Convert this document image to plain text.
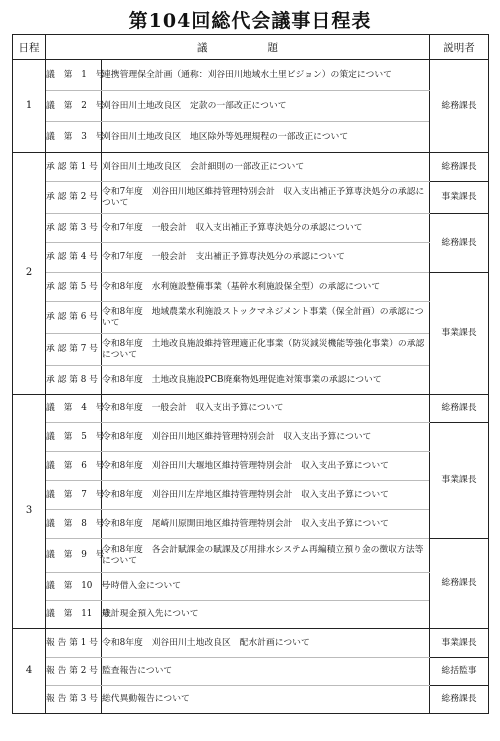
第104回総代会議事日程表
日程	議 題		説明者
1	議　第　1　号	連携管理保全計画（通称：刈谷田川地域水土里ビジョン）の策定について	総務課長
	議　第　2　号	刈谷田川土地改良区　定款の一部改正について	
	議　第　3　号	刈谷田川土地改良区　地区除外等処理規程の一部改正について	
2	承 認 第 1 号	刈谷田川土地改良区　会計細則の一部改正について	総務課長
	承 認 第 2 号	令和7年度　刈谷田川地区維持管理特別会計　収入支出補正予算専決処分の承認について	事業課長
	承 認 第 3 号	令和7年度　一般会計　収入支出補正予算専決処分の承認について	総務課長
	承 認 第 4 号	令和7年度　一般会計　支出補正予算専決処分の承認について	
	承 認 第 5 号	令和8年度　水利施設整備事業（基幹水利施設保全型）の承認について	事業課長
	承 認 第 6 号	令和8年度　地域農業水利施設ストックマネジメント事業（保全計画）の承認について	
	承 認 第 7 号	令和8年度　土地改良施設維持管理適正化事業（防災減災機能等強化事業）の承認について	
	承 認 第 8 号	令和8年度　土地改良施設PCB廃棄物処理促進対策事業の承認について	
3	議　第　4　号	令和8年度　一般会計　収入支出予算について	総務課長
	議　第　5　号	令和8年度　刈谷田川地区維持管理特別会計　収入支出予算について	事業課長
	議　第　6　号	令和8年度　刈谷田川大堰地区維持管理特別会計　収入支出予算について	
	議　第　7　号	令和8年度　刈谷田川左岸地区維持管理特別会計　収入支出予算について	
	議　第　8　号	令和8年度　尾崎川原開田地区維持管理特別会計　収入支出予算について	
	議　第　9　号	令和8年度　各会計賦課金の賦課及び用排水システム再編積立預り金の徴収方法等について	総務課長
	議　第　10　号	一時借入金について	
	議　第　11　号	歳計現金預入先について	
4	報 告 第 1 号	令和8年度　刈谷田川土地改良区　配水計画について	事業課長
	報 告 第 2 号	監査報告について	総括監事
	報 告 第 3 号	総代異動報告について	総務課長
